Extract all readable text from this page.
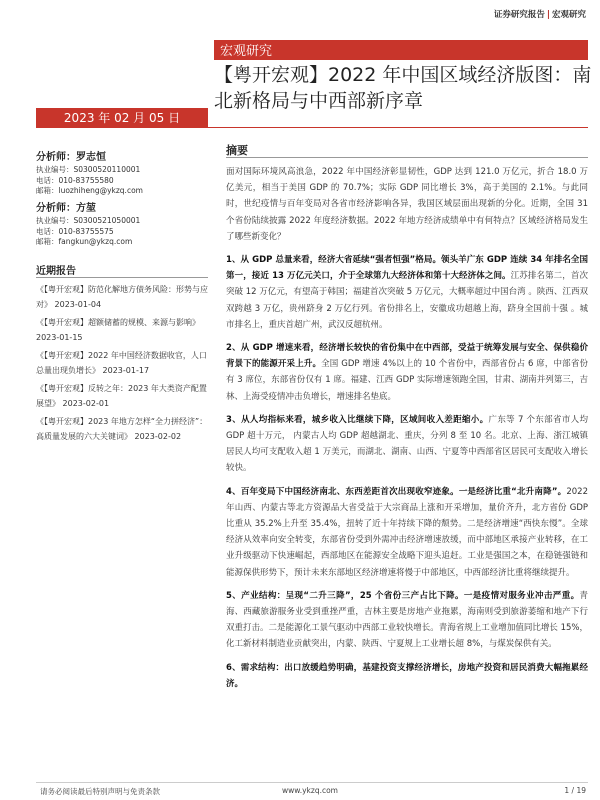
证券研究报告 | 宏观研究
宏观研究
【粤开宏观】2022 年中国区域经济版图：南北新格局与中西部新序章
2023 年 02 月 05 日
分析师：罗志恒
执业编号：S0300520110001
电话：010-83755580
邮箱：luozhiheng@ykzq.com
分析师：方堃
执业编号：S0300521050001
电话：010-83755575
邮箱：fangkun@ykzq.com
近期报告
《【粤开宏观】防范化解地方债务风险：形势与应对》 2023-01-04
《【粤开宏观】超额储蓄的规模、来源与影响》 2023-01-15
《【粤开宏观】2022 年中国经济数据收官，人口总量出现负增长》 2023-01-17
《【粤开宏观】反转之年：2023 年大类资产配置展望》 2023-02-01
《【粤开宏观】2023 年地方怎样“全力拼经济”：高质量发展的六大关键词》 2023-02-02
摘要

面对国际环境风高浪急，2022 年中国经济彰显韧性，GDP 达到 121.0 万亿元，折合 18.0 万亿美元，相当于美国 GDP 的 70.7%；实际 GDP 同比增长 3%，高于美国的 2.1%。与此同时，世纪疫情与百年变局对各省市经济影响各异，我国区域层面出现新的分化。近期，全国 31 个省份陆续披露 2022 年度经济数据。2022 年地方经济成绩单中有何特点？区域经济格局发生了哪些新变化？

1、从 GDP 总量来看，经济大省延续“强者恒强”格局。领头羊广东 GDP 连续 34 年排名全国第一，接近 13 万亿元关口，介于全球第九大经济体和第十大经济体之间。江苏排名第二，首次突破 12 万亿元，有望高于韩国；福建首次突破 5 万亿元，大概率超过中国台湾 。陕西、江西双双跨越 3 万亿，贵州跻身 2 万亿行列。省份排名上，安徽成功超越上海，跻身全国前十强 。城市排名上，重庆首超广州，武汉反超杭州。

2、从 GDP 增速来看，经济增长较快的省份集中在中西部，受益于统筹发展与安全、保供稳价背景下的能源开采上升。全国 GDP 增速 4%以上的 10 个省份中，西部省份占 6 席，中部省份有 3 席位，东部省份仅有 1 席。福建、江西 GDP 实际增速领跑全国，甘肃、湖南并列第三，吉林、上海受疫情冲击负增长，增速排名垫底。

3、从人均指标来看，城乡收入比继续下降，区域间收入差距缩小。广东等 7 个东部省市人均 GDP 超十万元， 内蒙古人均 GDP 超越湖北、重庆，分列 8 至 10 名。北京、上海、浙江城镇居民人均可支配收入超 1 万美元，而湖北、湖南、山西、宁夏等中西部省区居民可支配收入增长较快。

4、百年变局下中国经济南北、东西差距首次出现收窄迹象。一是经济比重“北升南降”。2022 年山西、内蒙古等北方资源品大省受益于大宗商品上涨和开采增加，量价齐升，北方省份 GDP 比重从 35.2%上升至 35.4%，扭转了近十年持续下降的颓势。二是经济增速“西快东慢”。全球经济从效率向安全转变，东部省份受到外需冲击经济增速放缓，而中部地区承接产业转移，在工业升级驱动下快速崛起，西部地区在能源安全战略下迎头追赶。工业是强国之本，在稳链强链和能源保供形势下，预计未来东部地区经济增速将慢于中部地区，中西部经济比重将继续提升。

5、产业结构：呈现“二升三降”，25 个省份三产占比下降。一是疫情对服务业冲击严重。青海、西藏旅游服务业受到重挫严重，吉林主要是房地产业拖累，海南则受到旅游萎缩和地产下行双重打击。二是能源化工景气驱动中西部工业较快增长。青海省规上工业增加值同比增长 15%，化工新材料制造业贡献突出，内蒙、陕西、宁夏规上工业增长超 8%，与煤炭保供有关。

6、需求结构：出口放缓趋势明确，基建投资支撑经济增长，房地产投资和居民消费大幅拖累经济。

请务必阅读最后特别声明与免责条款	www.ykzq.com	1 / 19
